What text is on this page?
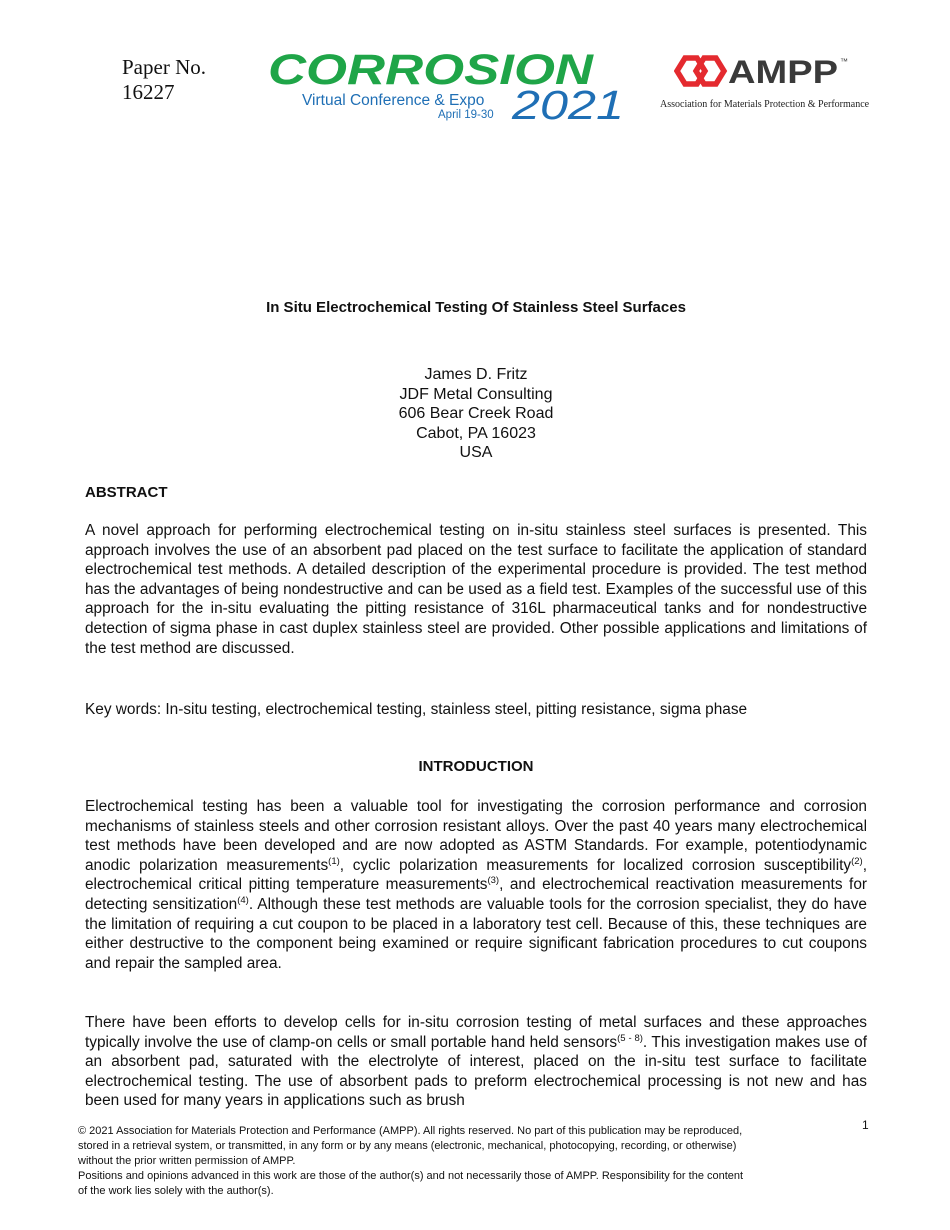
Paper No.
16227	CORROSION
Virtual Conference & Expo
April 19-30 2021
AMPP ™
Association for Materials Protection & Performance
In Situ Electrochemical Testing Of Stainless Steel Surfaces
James D. Fritz
JDF Metal Consulting
606 Bear Creek Road
Cabot, PA 16023
USA
ABSTRACT
A novel approach for performing electrochemical testing on in-situ stainless steel surfaces is presented. This approach involves the use of an absorbent pad placed on the test surface to facilitate the application of standard electrochemical test methods. A detailed description of the experimental procedure is provided. The test method has the advantages of being nondestructive and can be used as a field test. Examples of the successful use of this approach for the in-situ evaluating the pitting resistance of 316L pharmaceutical tanks and for nondestructive detection of sigma phase in cast duplex stainless steel are provided. Other possible applications and limitations of the test method are discussed.
Key words: In-situ testing, electrochemical testing, stainless steel, pitting resistance, sigma phase
INTRODUCTION
Electrochemical testing has been a valuable tool for investigating the corrosion performance and corrosion mechanisms of stainless steels and other corrosion resistant alloys. Over the past 40 years many electrochemical test methods have been developed and are now adopted as ASTM Standards. For example, potentiodynamic anodic polarization measurements$^{(1)}$, cyclic polarization measurements for localized corrosion susceptibility$^{(2)}$, electrochemical critical pitting temperature measurements$^{(3)}$, and electrochemical reactivation measurements for detecting sensitization$^{(4)}$. Although these test methods are valuable tools for the corrosion specialist, they do have the limitation of requiring a cut coupon to be placed in a laboratory test cell. Because of this, these techniques are either destructive to the component being examined or require significant fabrication procedures to cut coupons and repair the sampled area.
There have been efforts to develop cells for in-situ corrosion testing of metal surfaces and these approaches typically involve the use of clamp-on cells or small portable hand held sensors$^{(5 - 8)}$. This investigation makes use of an absorbent pad, saturated with the electrolyte of interest, placed on the in-situ test surface to facilitate electrochemical testing. The use of absorbent pads to preform electrochemical processing is not new and has been used for many years in applications such as brush
1
© 2021 Association for Materials Protection and Performance (AMPP). All rights reserved. No part of this publication may be reproduced,
stored in a retrieval system, or transmitted, in any form or by any means (electronic, mechanical, photocopying, recording, or otherwise)
without the prior written permission of AMPP.
Positions and opinions advanced in this work are those of the author(s) and not necessarily those of AMPP. Responsibility for the content
of the work lies solely with the author(s).
